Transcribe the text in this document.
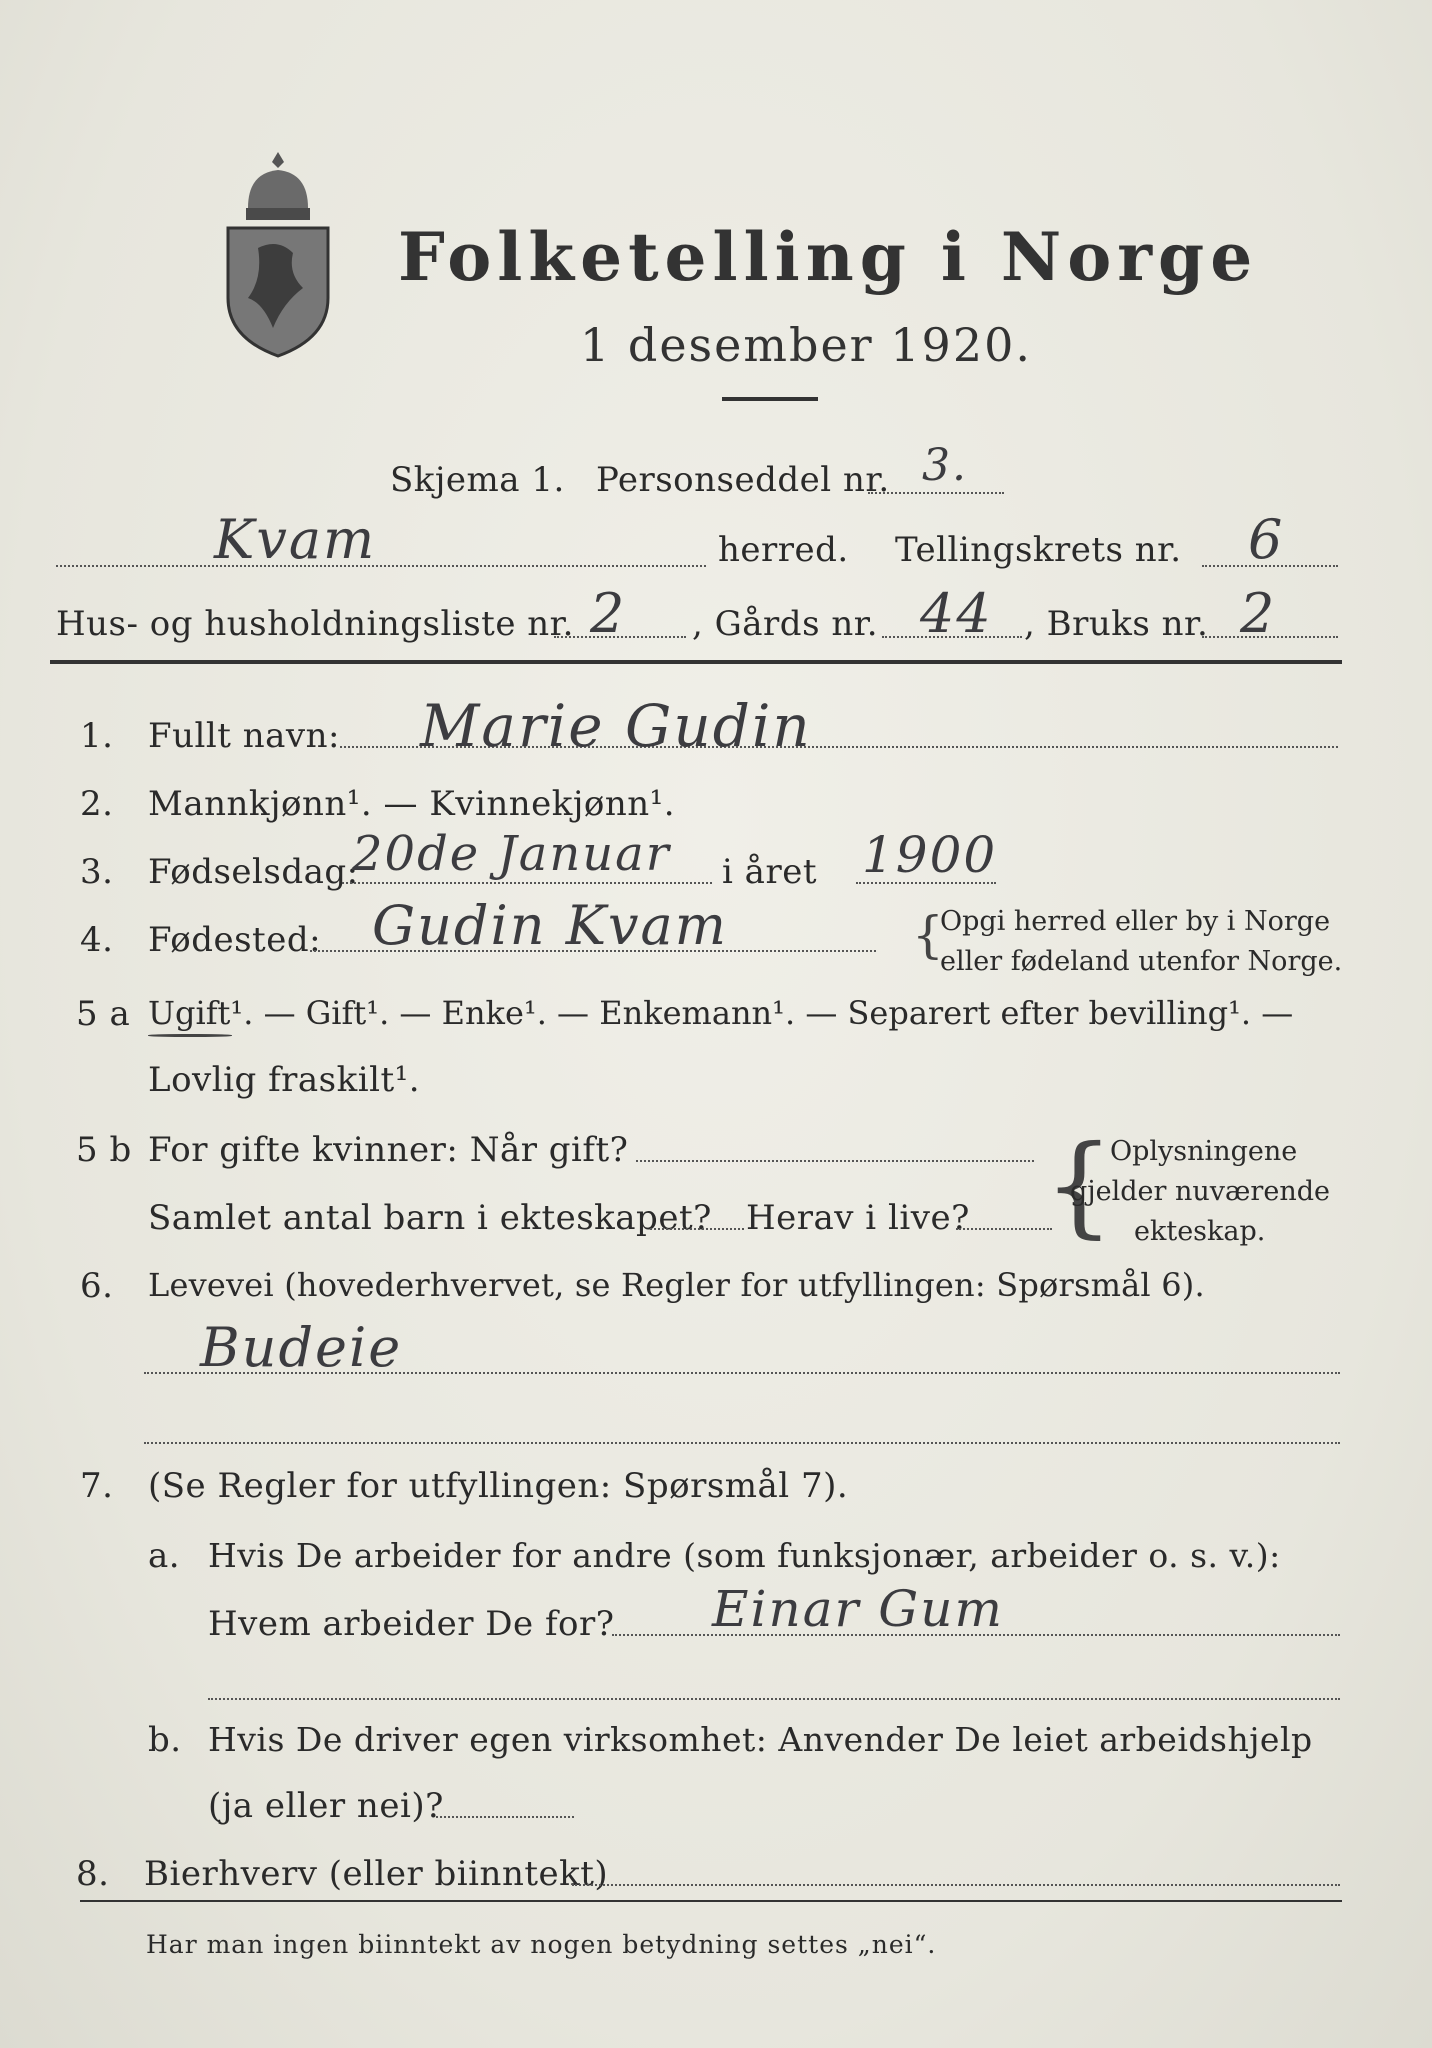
Folketelling i Norge
1 desember 1920.
Skjema 1. Personseddel nr. 3.
Kvam	herred. Tellingskrets nr. 6
Hus- og husholdningsliste nr. 2 , Gårds nr. 44 , Bruks nr. 2
1. Fullt navn: Marie Gudin
2. Mannkjønn¹. — Kvinnekjønn¹.
3. Fødselsdag:
20de Januar i året 1900
4. Fødested: Gudin Kvam	{
Opgi herred eller by i Norge
eller fødeland utenfor Norge.
5 a Ugift¹. — Gift¹. — Enke¹. — Enkemann¹. — Separert efter bevilling¹. —
Lovlig fraskilt¹.
5 b For gifte kvinner: Når gift?
Samlet antal barn i ekteskapet? Herav i live? {
Oplysningene
gjelder nuværende
ekteskap.
6. Levevei (hovederhvervet, se Regler for utfyllingen: Spørsmål 6).
Budeie
7. (Se Regler for utfyllingen: Spørsmål 7).
a. Hvis De arbeider for andre (som funksjonær, arbeider o. s. v.):
Hvem arbeider De for? Einar Gum
b. Hvis De driver egen virksomhet: Anvender De leiet arbeidshjelp
(ja eller nei)?
8. Bierhverv (eller biinntekt)
Har man ingen biinntekt av nogen betydning settes „nei“.
